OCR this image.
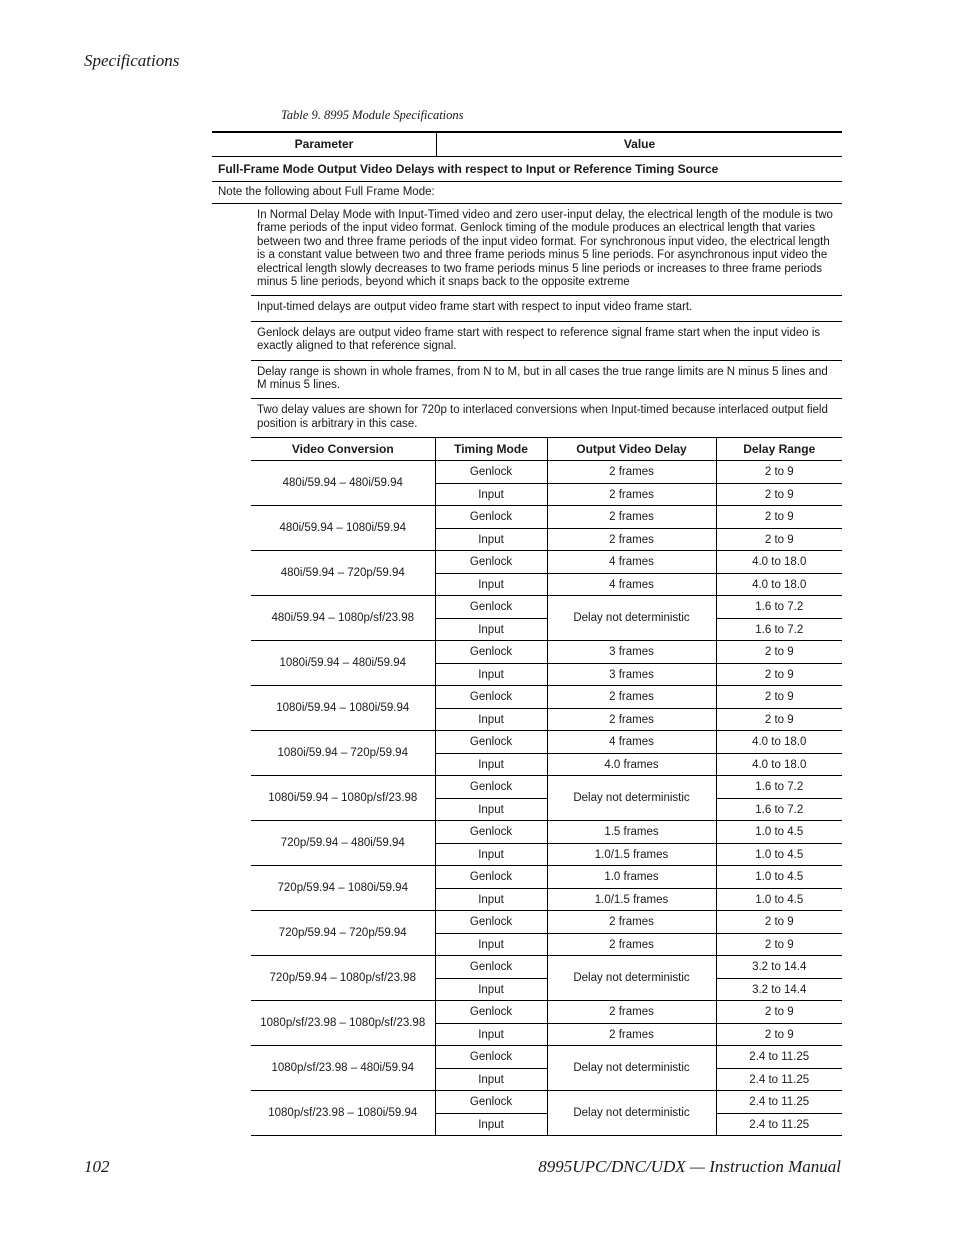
Specifications
Table 9. 8995 Module Specifications
Parameter	Value
Full-Frame Mode Output Video Delays with respect to Input or Reference Timing Source
Note the following about Full Frame Mode:
In Normal Delay Mode with Input-Timed video and zero user-input delay, the electrical length of the module is two frame periods of the input video format. Genlock timing of the module produces an electrical length that varies between two and three frame periods of the input video format. For synchronous input video, the electrical length is a constant value between two and three frame periods minus 5 line periods. For asynchronous input video the electrical length slowly decreases to two frame periods minus 5 line periods or increases to three frame periods minus 5 line periods, beyond which it snaps back to the opposite extreme
Input-timed delays are output video frame start with respect to input video frame start.
Genlock delays are output video frame start with respect to reference signal frame start when the input video is exactly aligned to that reference signal.
Delay range is shown in whole frames, from N to M, but in all cases the true range limits are N minus 5 lines and M minus 5 lines.
Two delay values are shown for 720p to interlaced conversions when Input-timed because interlaced output field position is arbitrary in this case.
Video Conversion	Timing Mode	Output Video Delay	Delay Range
480i/59.94 – 480i/59.94	Genlock	2 frames	2 to 9
	Input	2 frames	2 to 9
480i/59.94 – 1080i/59.94	Genlock	2 frames	2 to 9
	Input	2 frames	2 to 9
480i/59.94 – 720p/59.94	Genlock	4 frames	4.0 to 18.0
	Input	4 frames	4.0 to 18.0
480i/59.94 – 1080p/sf/23.98	Genlock	Delay not deterministic	1.6 to 7.2
	Input		1.6 to 7.2
1080i/59.94 – 480i/59.94	Genlock	3 frames	2 to 9
	Input	3 frames	2 to 9
1080i/59.94 – 1080i/59.94	Genlock	2 frames	2 to 9
	Input	2 frames	2 to 9
1080i/59.94 – 720p/59.94	Genlock	4 frames	4.0 to 18.0
	Input	4.0 frames	4.0 to 18.0
1080i/59.94 – 1080p/sf/23.98	Genlock	Delay not deterministic	1.6 to 7.2
	Input		1.6 to 7.2
720p/59.94 – 480i/59.94	Genlock	1.5 frames	1.0 to 4.5
	Input	1.0/1.5 frames	1.0 to 4.5
720p/59.94 – 1080i/59.94	Genlock	1.0 frames	1.0 to 4.5
	Input	1.0/1.5 frames	1.0 to 4.5
720p/59.94 – 720p/59.94	Genlock	2 frames	2 to 9
	Input	2 frames	2 to 9
720p/59.94 – 1080p/sf/23.98	Genlock	Delay not deterministic	3.2 to 14.4
	Input		3.2 to 14.4
1080p/sf/23.98 – 1080p/sf/23.98	Genlock	2 frames	2 to 9
	Input	2 frames	2 to 9
1080p/sf/23.98 – 480i/59.94	Genlock	Delay not deterministic	2.4 to 11.25
	Input		2.4 to 11.25
1080p/sf/23.98 – 1080i/59.94	Genlock	Delay not deterministic	2.4 to 11.25
	Input		2.4 to 11.25
102	8995UPC/DNC/UDX — Instruction Manual
